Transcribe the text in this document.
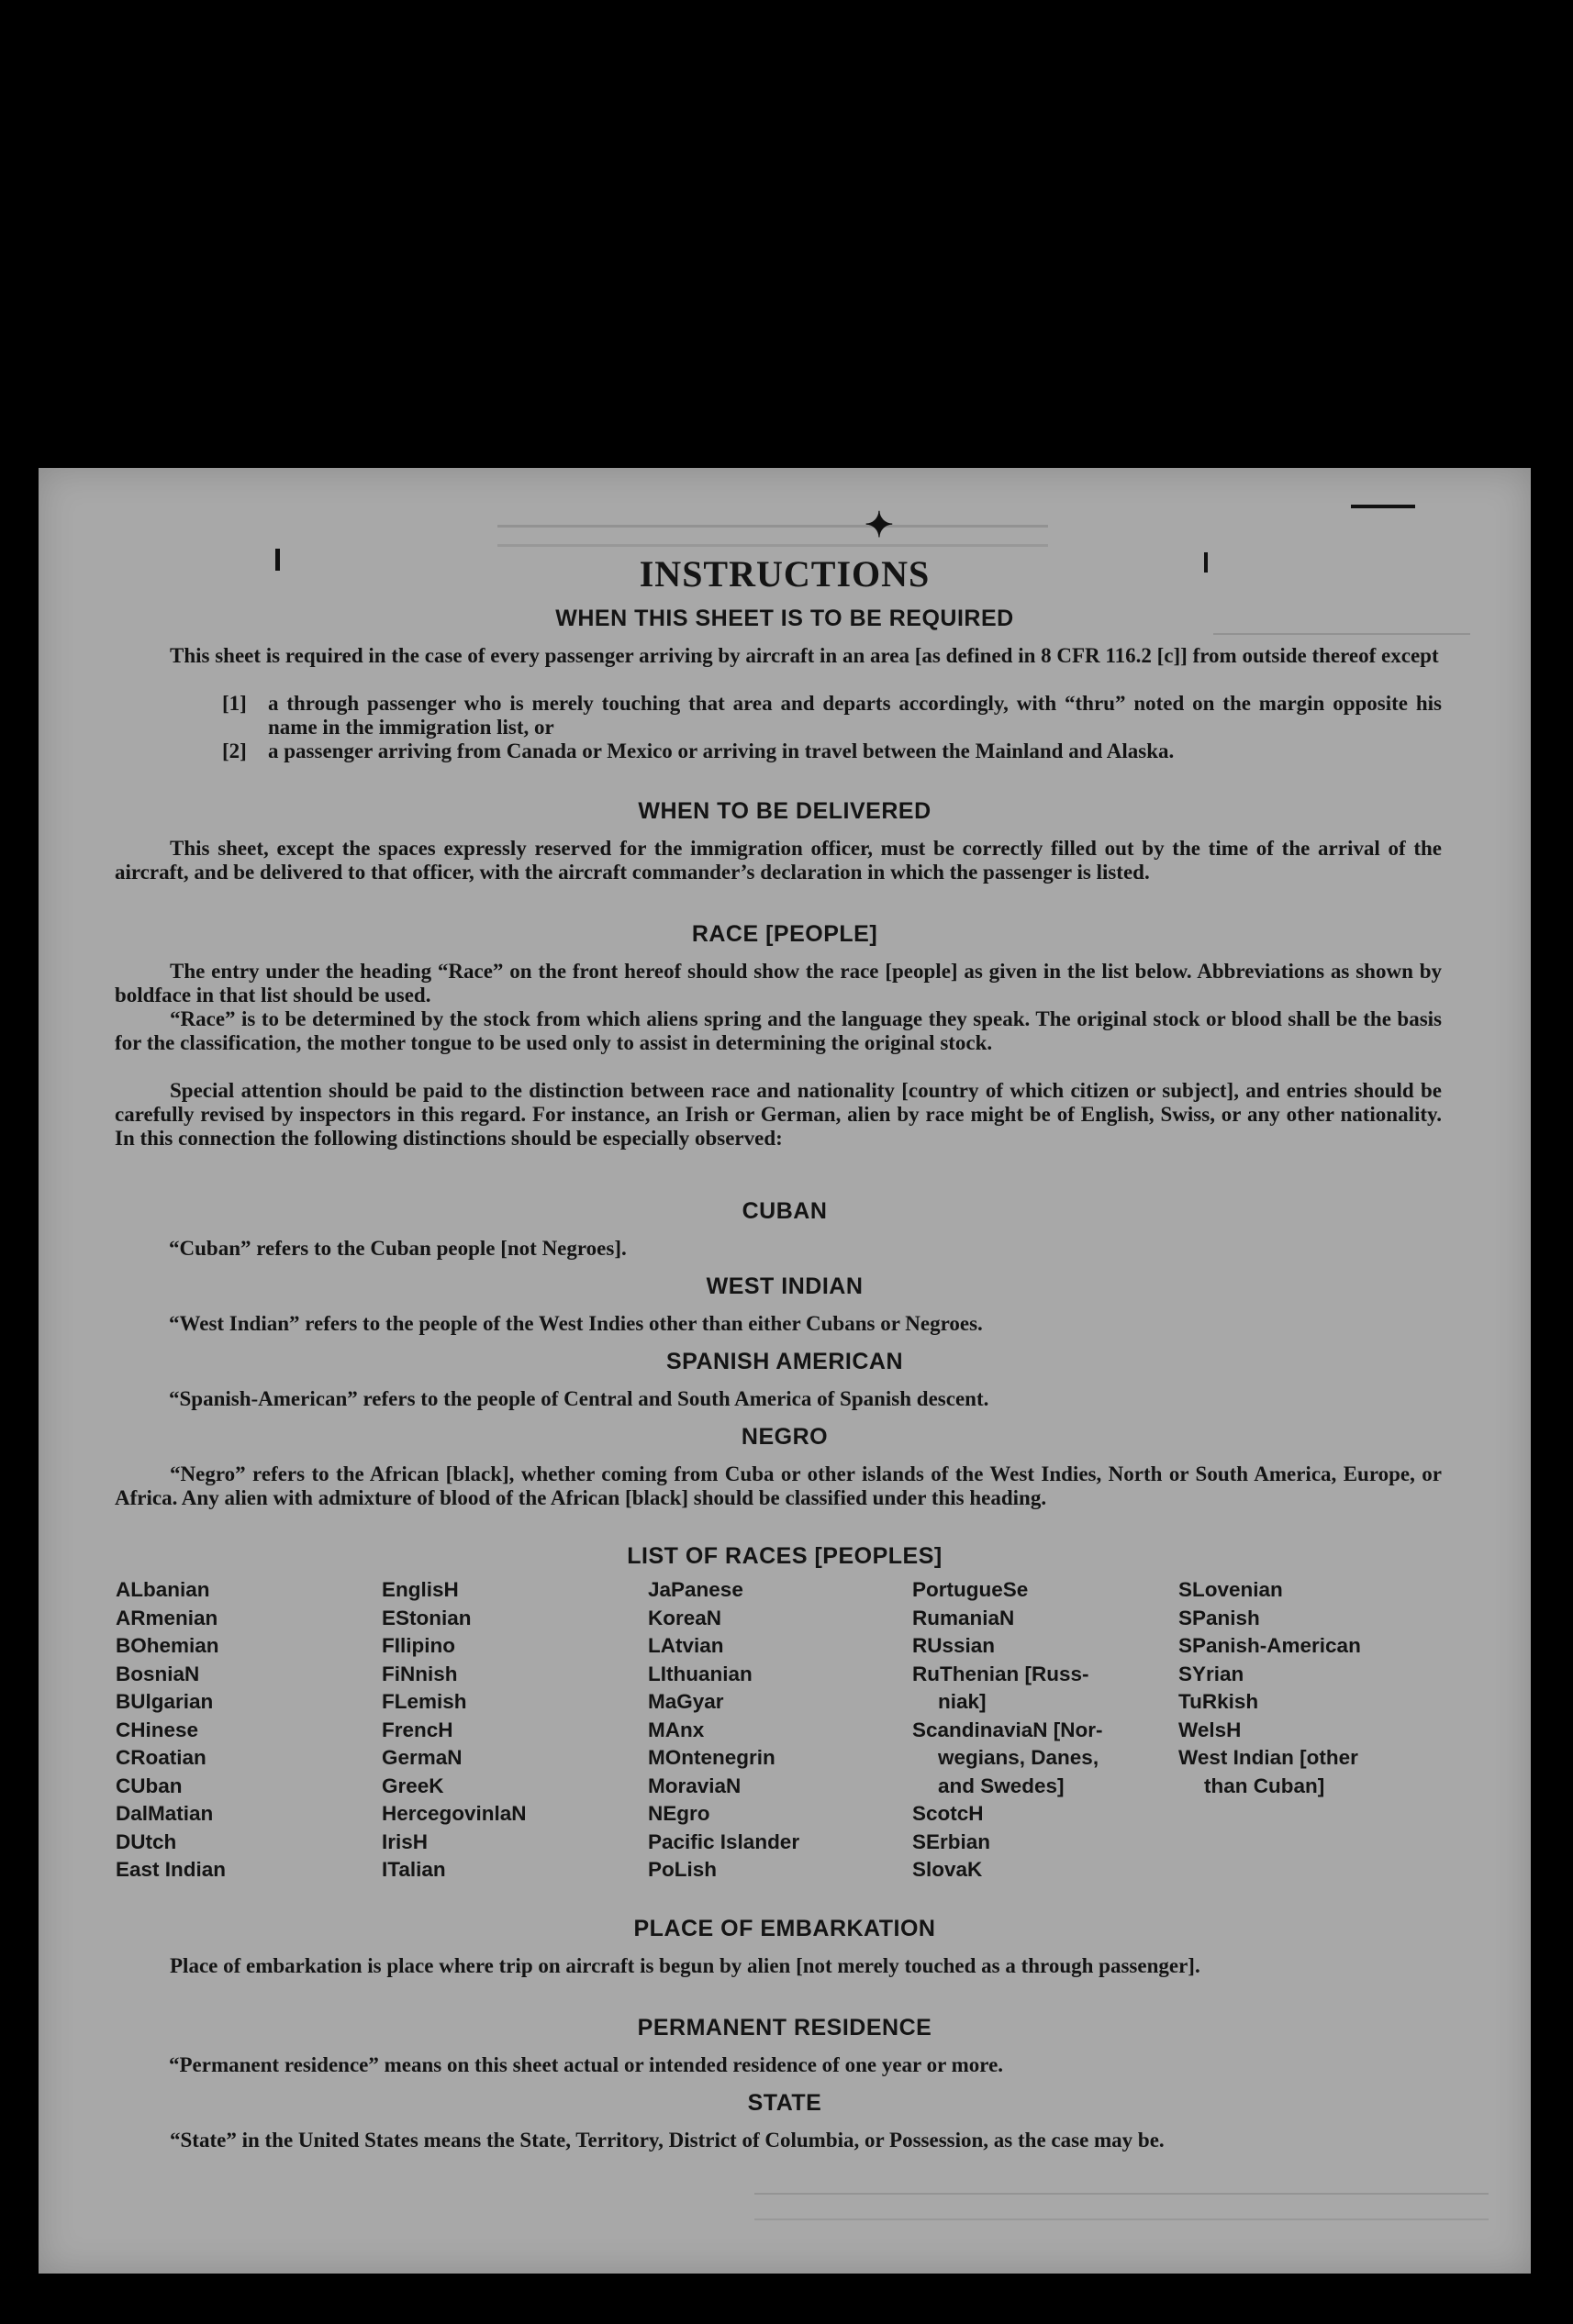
✦
INSTRUCTIONS
WHEN THIS SHEET IS TO BE REQUIRED
This sheet is required in the case of every passenger arriving by aircraft in an area [as defined in 8 CFR 116.2 [c]] from outside thereof except
[1] a through passenger who is merely touching that area and departs accordingly, with “thru” noted on the margin opposite his name in the immigration list, or
[2] a passenger arriving from Canada or Mexico or arriving in travel between the Mainland and Alaska.
WHEN TO BE DELIVERED
This sheet, except the spaces expressly reserved for the immigration officer, must be correctly filled out by the time of the arrival of the aircraft, and be delivered to that officer, with the aircraft commander’s declaration in which the passenger is listed.
RACE [PEOPLE]
The entry under the heading “Race” on the front hereof should show the race [people] as given in the list below. Abbreviations as shown by boldface in that list should be used.
“Race” is to be determined by the stock from which aliens spring and the language they speak. The original stock or blood shall be the basis for the classification, the mother tongue to be used only to assist in determining the original stock.
Special attention should be paid to the distinction between race and nationality [country of which citizen or subject], and entries should be carefully revised by inspectors in this regard. For instance, an Irish or German, alien by race might be of English, Swiss, or any other nationality. In this connection the following distinctions should be especially observed:
CUBAN
“Cuban” refers to the Cuban people [not Negroes].
WEST INDIAN
“West Indian” refers to the people of the West Indies other than either Cubans or Negroes.
SPANISH AMERICAN
“Spanish-American” refers to the people of Central and South America of Spanish descent.
NEGRO
“Negro” refers to the African [black], whether coming from Cuba or other islands of the West Indies, North or South America, Europe, or Africa. Any alien with admixture of blood of the African [black] should be classified under this heading.
LIST OF RACES [PEOPLES]
ALbanian
ARmenian
BOhemian
BosniaN
BUlgarian
CHinese
CRoatian
CUban
DalMatian
DUtch
East Indian
EnglisH
EStonian
FIlipino
FiNnish
FLemish
FrencH
GermaN
GreeK
HercegovinlaN
IrisH
ITalian
JaPanese
KoreaN
LAtvian
LIthuanian
MaGyar
MAnx
MOntenegrin
MoraviaN
NEgro
Pacific Islander
PoLish
PortugueSe
RumaniaN
RUssian
RuThenian [Russ-
niak]
ScandinaviaN [Nor-
wegians, Danes,
and Swedes]
ScotcH
SErbian
SlovaK
SLovenian
SPanish
SPanish-American
SYrian
TuRkish
WelsH
West Indian [other
than Cuban]
PLACE OF EMBARKATION
Place of embarkation is place where trip on aircraft is begun by alien [not merely touched as a through passenger].
PERMANENT RESIDENCE
“Permanent residence” means on this sheet actual or intended residence of one year or more.
STATE
“State” in the United States means the State, Territory, District of Columbia, or Possession, as the case may be.
